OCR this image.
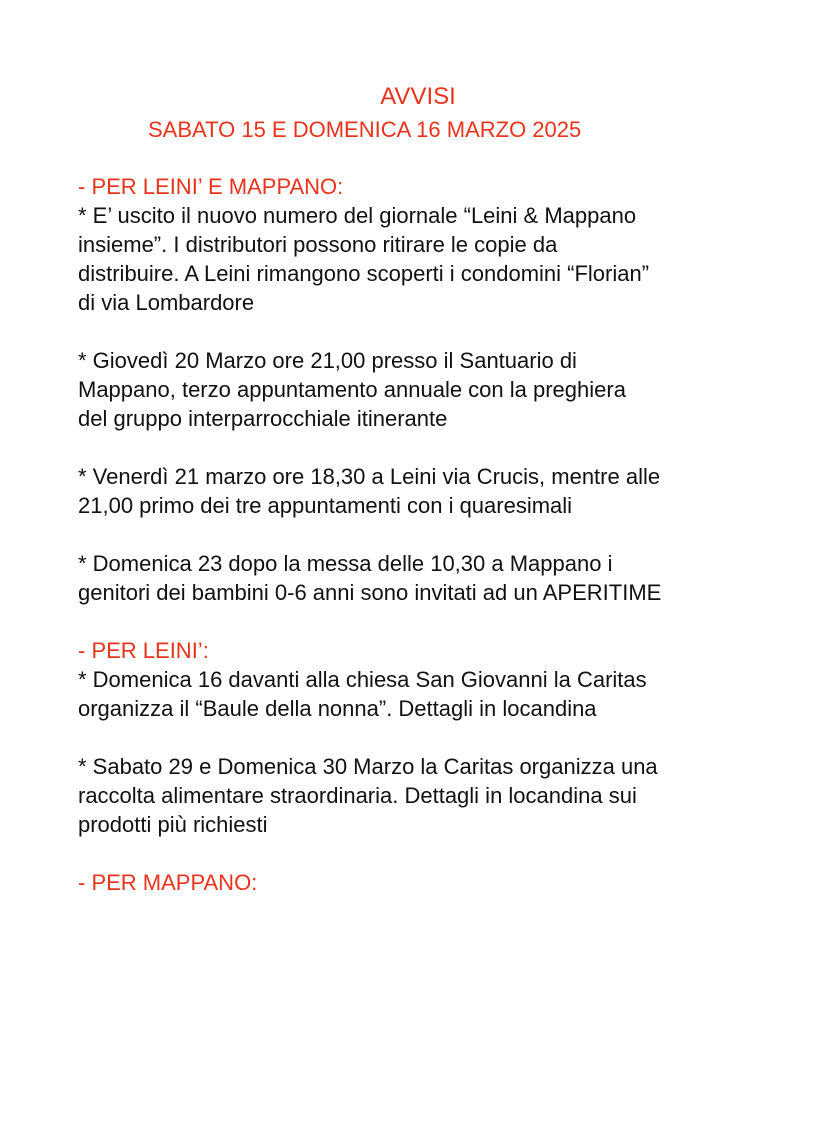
AVVISI
SABATO 15 E DOMENICA 16 MARZO 2025

- PER LEINI’ E MAPPANO:

* E’ uscito il nuovo numero del giornale “Leini & Mappano
insieme”. I distributori possono ritirare le copie da
distribuire. A Leini rimangono scoperti i condomini “Florian”
di via Lombardore

* Giovedì 20 Marzo ore 21,00 presso il Santuario di
Mappano, terzo appuntamento annuale con la preghiera
del gruppo interparrocchiale itinerante

* Venerdì 21 marzo ore 18,30 a Leini via Crucis, mentre alle
21,00 primo dei tre appuntamenti con i quaresimali

* Domenica 23 dopo la messa delle 10,30 a Mappano i
genitori dei bambini 0-6 anni sono invitati ad un APERITIME

- PER LEINI’:

* Domenica 16 davanti alla chiesa San Giovanni la Caritas
organizza il “Baule della nonna”. Dettagli in locandina

* Sabato 29 e Domenica 30 Marzo la Caritas organizza una
raccolta alimentare straordinaria. Dettagli in locandina sui
prodotti più richiesti

- PER MAPPANO:
